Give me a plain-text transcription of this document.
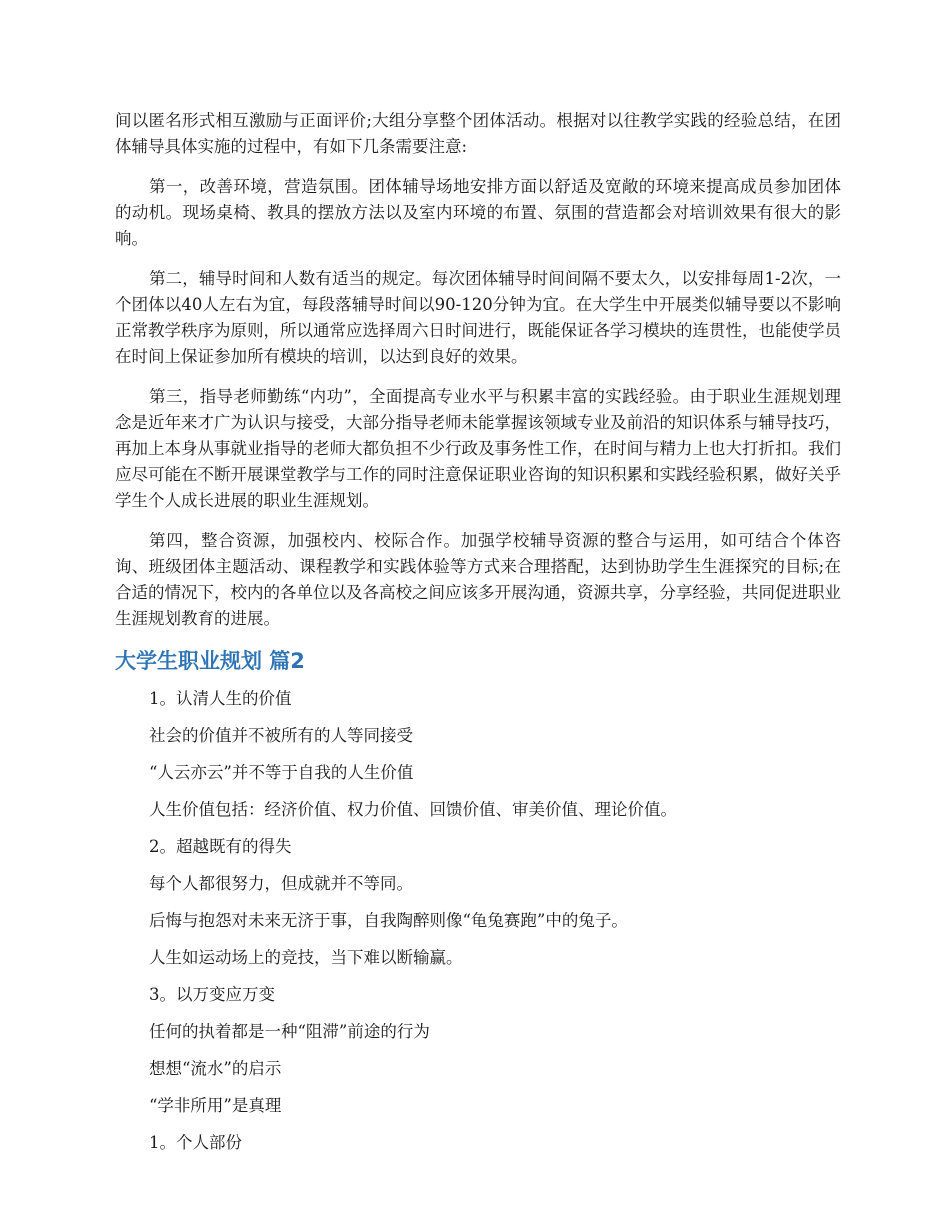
间以匿名形式相互激励与正面评价;大组分享整个团体活动。根据对以往教学实践的经验总结，在团体辅导具体实施的过程中，有如下几条需要注意:

第一，改善环境，营造氛围。团体辅导场地安排方面以舒适及宽敞的环境来提高成员参加团体的动机。现场桌椅、教具的摆放方法以及室内环境的布置、氛围的营造都会对培训效果有很大的影响。

第二，辅导时间和人数有适当的规定。每次团体辅导时间间隔不要太久，以安排每周1-2次，一个团体以40人左右为宜，每段落辅导时间以90-120分钟为宜。在大学生中开展类似辅导要以不影响正常教学秩序为原则，所以通常应选择周六日时间进行，既能保证各学习模块的连贯性，也能使学员在时间上保证参加所有模块的培训，以达到良好的效果。

第三，指导老师勤练“内功”，全面提高专业水平与积累丰富的实践经验。由于职业生涯规划理念是近年来才广为认识与接受，大部分指导老师未能掌握该领域专业及前沿的知识体系与辅导技巧，再加上本身从事就业指导的老师大都负担不少行政及事务性工作，在时间与精力上也大打折扣。我们应尽可能在不断开展课堂教学与工作的同时注意保证职业咨询的知识积累和实践经验积累，做好关乎学生个人成长进展的职业生涯规划。

第四，整合资源，加强校内、校际合作。加强学校辅导资源的整合与运用，如可结合个体咨询、班级团体主题活动、课程教学和实践体验等方式来合理搭配，达到协助学生生涯探究的目标;在合适的情况下，校内的各单位以及各高校之间应该多开展沟通，资源共享，分享经验，共同促进职业生涯规划教育的进展。

大学生职业规划 篇2

1。认清人生的价值

社会的价值并不被所有的人等同接受

“人云亦云”并不等于自我的人生价值

人生价值包括：经济价值、权力价值、回馈价值、审美价值、理论价值。

2。超越既有的得失

每个人都很努力，但成就并不等同。

后悔与抱怨对未来无济于事，自我陶醉则像“龟兔赛跑”中的兔子。

人生如运动场上的竞技，当下难以断输赢。

3。以万变应万变

任何的执着都是一种“阻滞”前途的行为

想想“流水”的启示

“学非所用”是真理

1。个人部份
